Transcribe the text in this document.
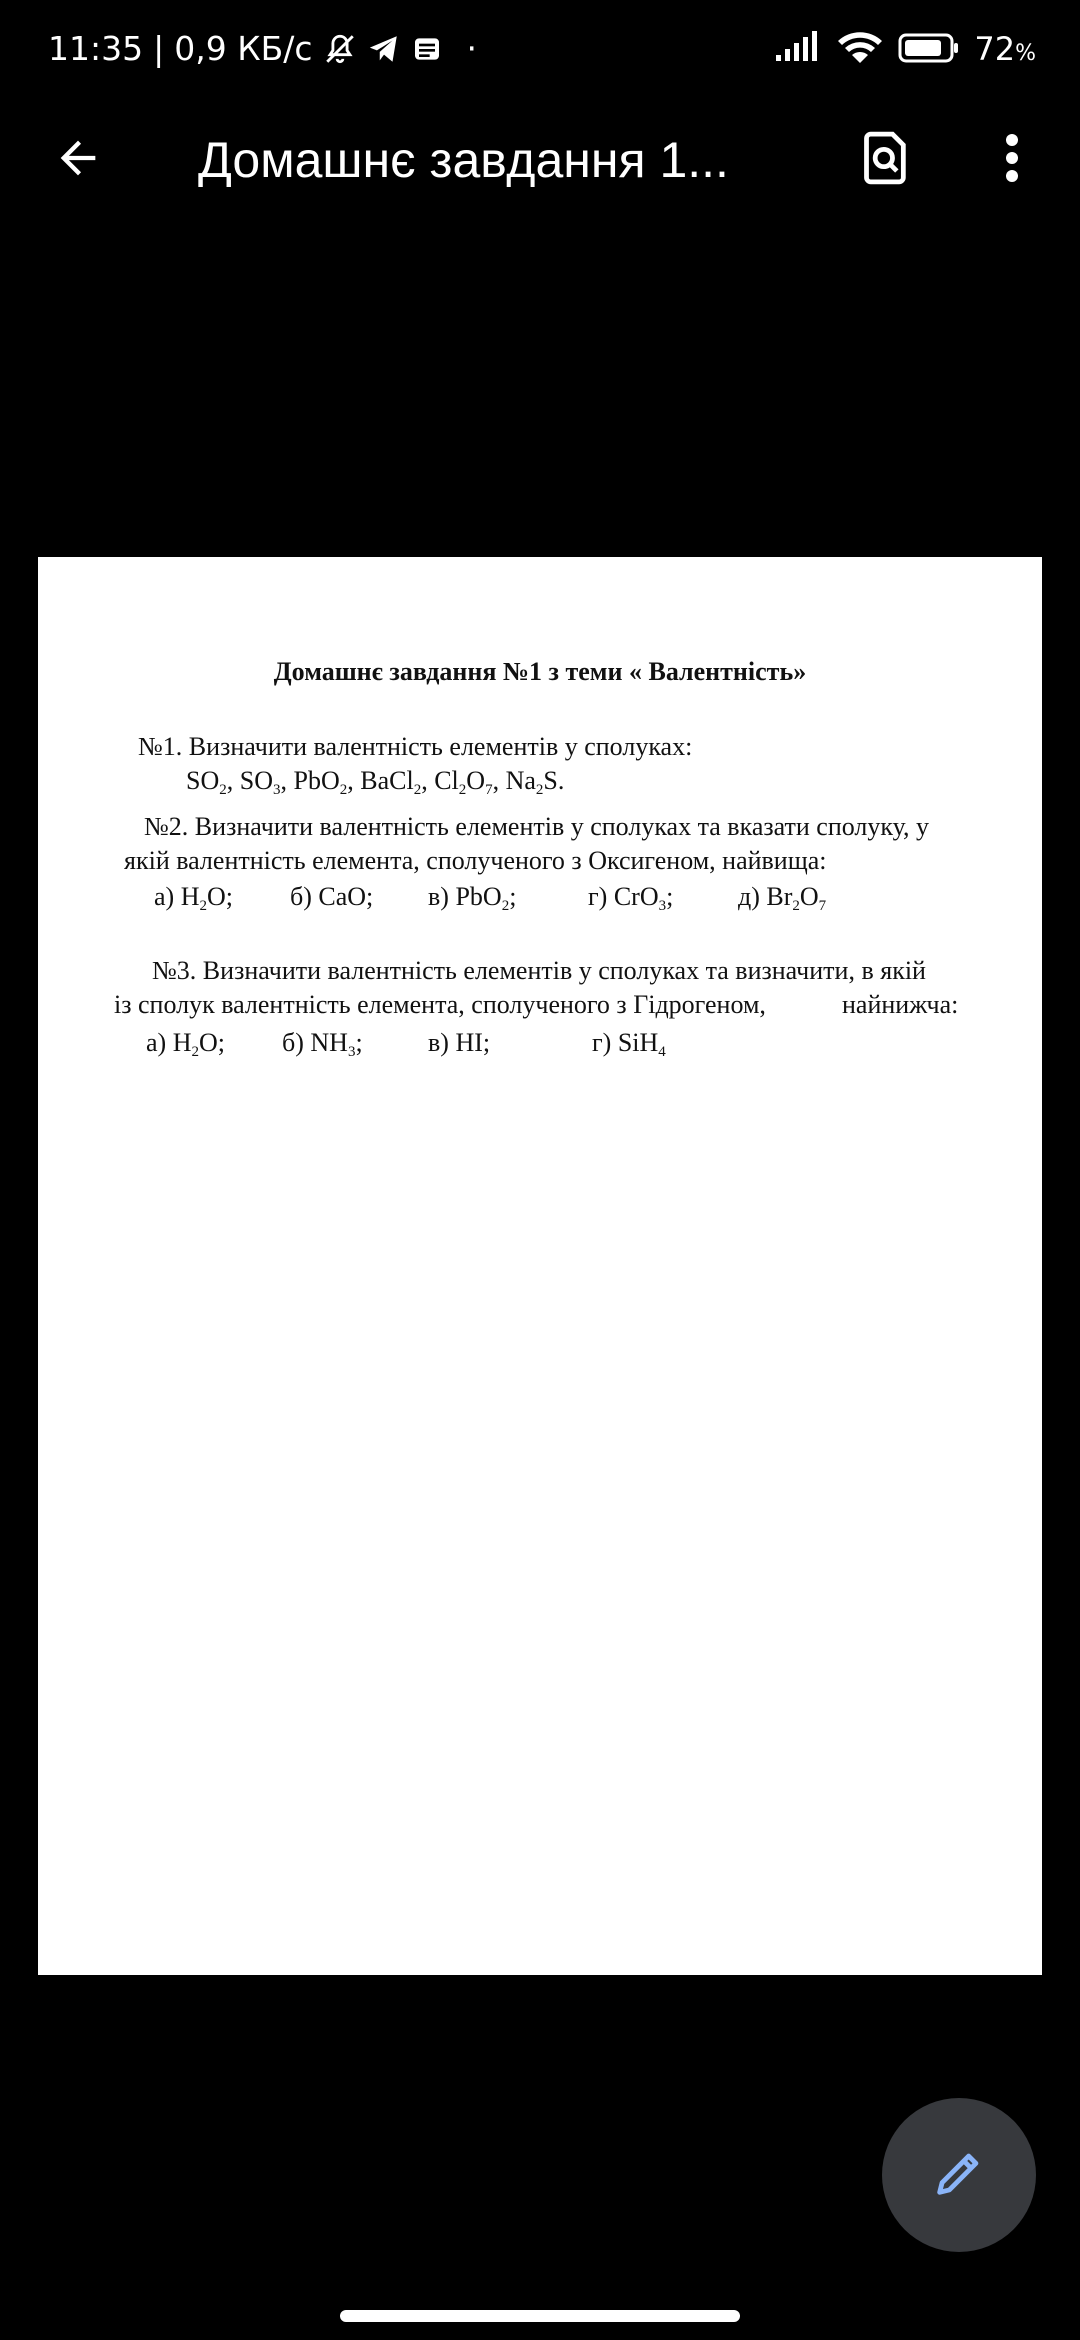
11:35 | 0,9 КБ/с	·	72%
Домашнє завдання 1...
Домашнє завдання №1 з теми « Валентність»
№1. Визначити валентність елементів у сполуках:
$SO_2$, $SO_3$, PbO$_2$, BaCl$_2$, $Cl_2O_7$, $Na_2S$.
№2. Визначити валентність елементів у сполуках та вказати сполуку, у
якій валентність елемента, сполученого з Оксигеном, найвища:
а) $H_2O$; б) CaO; в) PbO$_2$;	г) CrO$_3$; д) $Br_2O_7$
№3. Визначити валентність елементів у сполуках та визначити, в якій
із сполук валентність елемента, сполученого з Гідрогеном,	найнижча:
а) $H_2O$; б) $NH_3$;	в) HI;	г) SiH$_4$
